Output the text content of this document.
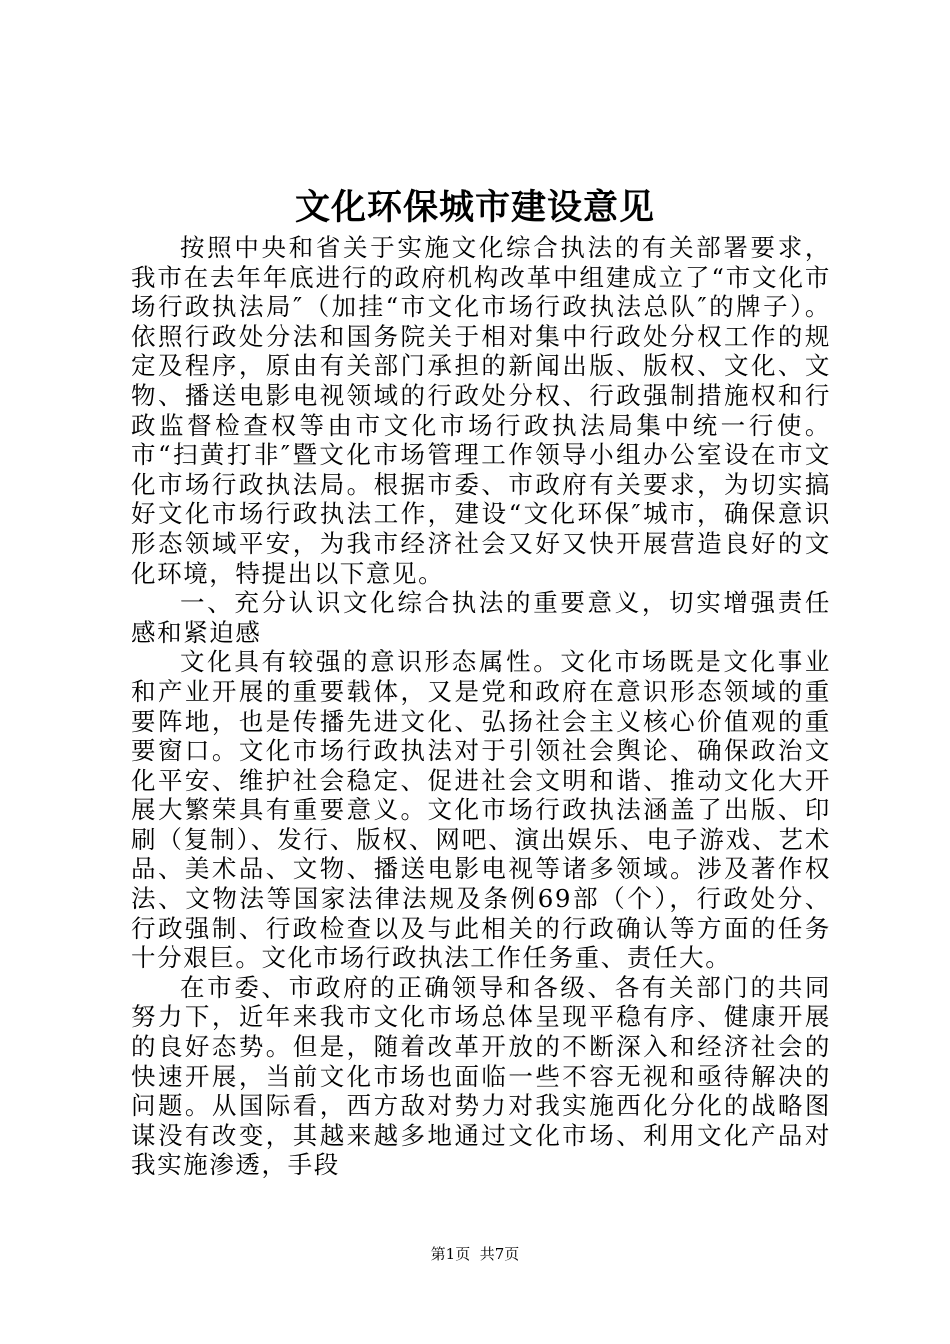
文化环保城市建设意见

按照中央和省关于实施文化综合执法的有关部署要求，我市在去年年底进行的政府机构改革中组建成立了“市文化市场行政执法局″（加挂“市文化市场行政执法总队″的牌子）。依照行政处分法和国务院关于相对集中行政处分权工作的规定及程序，原由有关部门承担的新闻出版、版权、文化、文物、播送电影电视领域的行政处分权、行政强制措施权和行政监督检查权等由市文化市场行政执法局集中统一行使。市“扫黄打非″暨文化市场管理工作领导小组办公室设在市文化市场行政执法局。根据市委、市政府有关要求，为切实搞好文化市场行政执法工作，建设“文化环保″城市，确保意识形态领域平安，为我市经济社会又好又快开展营造良好的文化环境，特提出以下意见。

一、充分认识文化综合执法的重要意义，切实增强责任感和紧迫感

文化具有较强的意识形态属性。文化市场既是文化事业和产业开展的重要载体，又是党和政府在意识形态领域的重要阵地，也是传播先进文化、弘扬社会主义核心价值观的重要窗口。文化市场行政执法对于引领社会舆论、确保政治文化平安、维护社会稳定、促进社会文明和谐、推动文化大开展大繁荣具有重要意义。文化市场行政执法涵盖了出版、印刷（复制）、发行、版权、网吧、演出娱乐、电子游戏、艺术品、美术品、文物、播送电影电视等诸多领域。涉及著作权法、文物法等国家法律法规及条例69部（个），行政处分、行政强制、行政检查以及与此相关的行政确认等方面的任务十分艰巨。文化市场行政执法工作任务重、责任大。

在市委、市政府的正确领导和各级、各有关部门的共同努力下，近年来我市文化市场总体呈现平稳有序、健康开展的良好态势。但是，随着改革开放的不断深入和经济社会的快速开展，当前文化市场也面临一些不容无视和亟待解决的问题。从国际看，西方敌对势力对我实施西化分化的战略图谋没有改变，其越来越多地通过文化市场、利用文化产品对我实施渗透，手段

第1页 共7页
